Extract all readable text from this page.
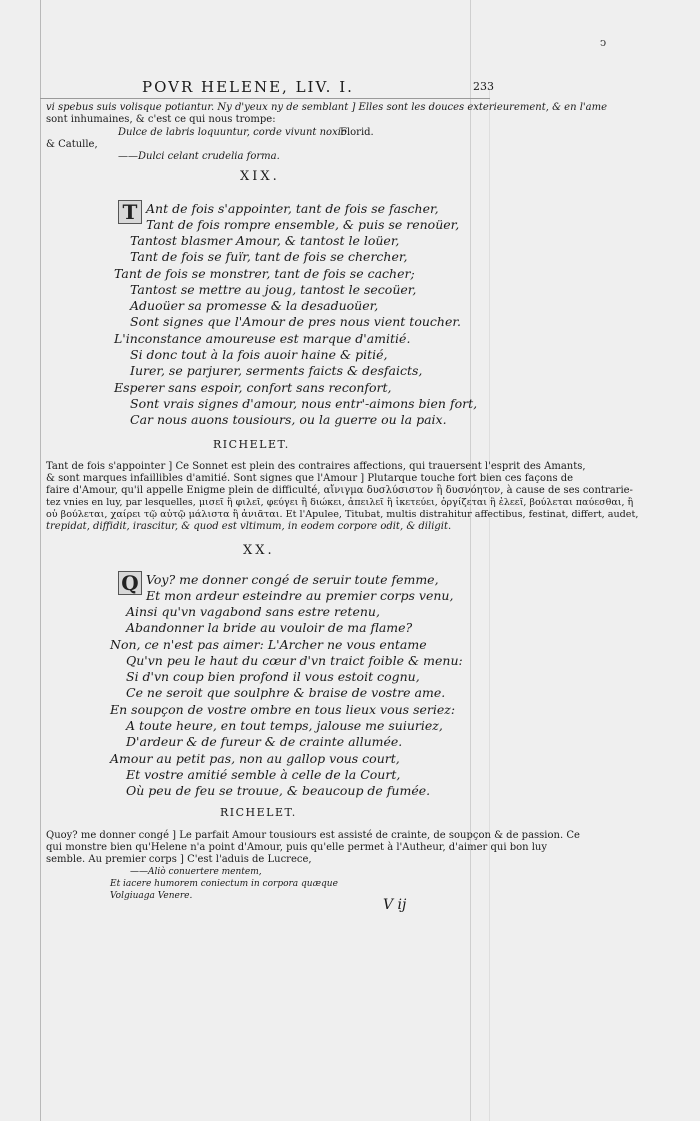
ↄ
POVR HELENE, LIV. I.	233
vi spebus suis volisque potiantur. Ny d'yeux ny de semblant ] Elles sont les douces exterieurement, & en l'ame
sont inhumaines, & c'est ce qui nous trompe:
Dulce de labris loquuntur, corde vivunt noxio.
Florid.
& Catulle,
——Dulci celant crudelia forma.
XIX.
T Ant de fois s'appointer, tant de fois se fascher,
Tant de fois rompre ensemble, & puis se renoüer,
Tantost blasmer Amour, & tantost le loüer,
Tant de fois se fuïr, tant de fois se chercher,
Tant de fois se monstrer, tant de fois se cacher;
Tantost se mettre au joug, tantost le secoüer,
Aduoüer sa promesse & la desaduoüer,
Sont signes que l'Amour de pres nous vient toucher.
L'inconstance amoureuse est marque d'amitié.
Si donc tout à la fois auoir haine & pitié,
Iurer, se parjurer, serments faicts & desfaicts,
Esperer sans espoir, confort sans reconfort,
Sont vrais signes d'amour, nous entr'-aimons bien fort,
Car nous auons tousiours, ou la guerre ou la paix.
RICHELET.
Tant de fois s'appointer ] Ce Sonnet est plein des contraires affections, qui trauersent l'esprit des Amants,
& sont marques infaillibles d'amitié. Sont signes que l'Amour ] Plutarque touche fort bien ces façons de
faire d'Amour, qu'il appelle Enigme plein de difficulté, αἴνιγμα δυσλύσιστον ἢ δυσνόητον, à cause de ses contrarie-
tez vnies en luy, par lesquelles, μισεῖ ἢ φιλεῖ, φεύγει ἢ διώκει, ἀπειλεῖ ἢ ἱκετεύει, ὀργίζεται ἢ ἐλεεῖ, βούλεται παύεσθαι, ἢ
οὐ βούλεται, χαίρει τῷ αὐτῷ μάλιστα ἢ ἀνιᾶται. Et l'Apulee, Titubat, multis distrahitur affectibus, festinat, differt, audet,
trepidat, diffidit, irascitur, & quod est vltimum, in eodem corpore odit, & diligit.
XX.
Q Voy? me donner congé de seruir toute femme,
Et mon ardeur esteindre au premier corps venu,
Ainsi qu'vn vagabond sans estre retenu,
Abandonner la bride au vouloir de ma flame?
Non, ce n'est pas aimer: L'Archer ne vous entame
Qu'vn peu le haut du cœur d'vn traict foible & menu:
Si d'vn coup bien profond il vous estoit cognu,
Ce ne seroit que soulphre & braise de vostre ame.
En soupçon de vostre ombre en tous lieux vous seriez:
A toute heure, en tout temps, jalouse me suiuriez,
D'ardeur & de fureur & de crainte allumée.
Amour au petit pas, non au gallop vous court,
Et vostre amitié semble à celle de la Court,
Où peu de feu se trouue, & beaucoup de fumée.
RICHELET.
Quoy? me donner congé ] Le parfait Amour tousiours est assisté de crainte, de soupçon & de passion. Ce
qui monstre bien qu'Helene n'a point d'Amour, puis qu'elle permet à l'Autheur, d'aimer qui bon luy
semble. Au premier corps ] C'est l'aduis de Lucrece,
——Aliò conuertere mentem,
Et iacere humorem coniectum in corpora quæque
Volgiuaga Venere.
V ij
